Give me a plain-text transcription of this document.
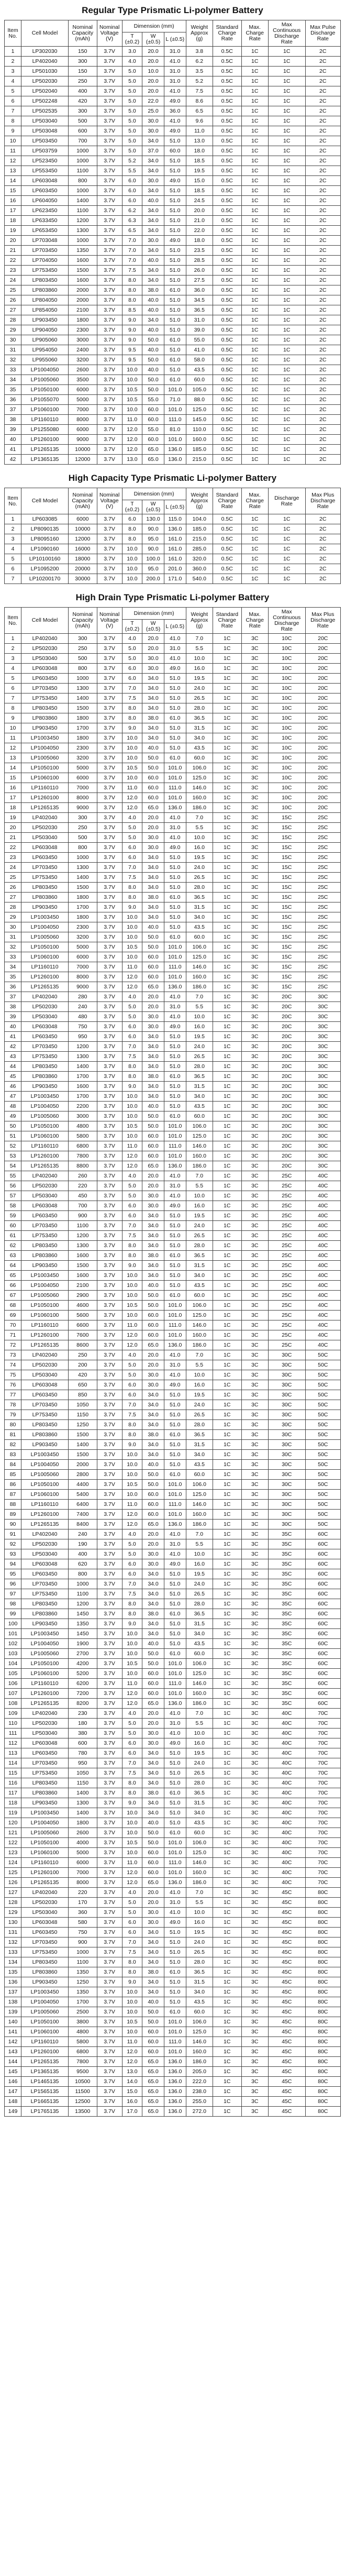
Regular Type Prismatic Li-polymer Battery
Item No.	Cell Model	Nominal Capacity (mAh)	Nominal Voltage (V)	Dimension (mm)			Weight Approx (g)	Standard Charge Rate	Max. Charge Rate	Max Continuous Discharge Rate	Max Pulse Discharge Rate
				T (±0.2)	W (±0.5)	L (±0.5)					
1	LP302030	150	3.7V	3.0	20.0	31.0	3.8	0.5C	1C	1C	2C
2	LP402040	300	3.7V	4.0	20.0	41.0	6.2	0.5C	1C	1C	2C
3	LP501030	150	3.7V	5.0	10.0	31.0	3.5	0.5C	1C	1C	2C
4	LP502030	250	3.7V	5.0	20.0	31.0	5.2	0.5C	1C	1C	2C
5	LP502040	400	3.7V	5.0	20.0	41.0	7.5	0.5C	1C	1C	2C
6	LP502248	420	3.7V	5.0	22.0	49.0	8.6	0.5C	1C	1C	2C
7	LP502535	300	3.7V	5.0	25.0	36.0	6.5	0.5C	1C	1C	2C
8	LP503040	500	3.7V	5.0	30.0	41.0	9.6	0.5C	1C	1C	2C
9	LP503048	600	3.7V	5.0	30.0	49.0	11.0	0.5C	1C	1C	2C
10	LP503450	700	3.7V	5.0	34.0	51.0	13.0	0.5C	1C	1C	2C
11	LP503759	1000	3.7V	5.0	37.0	60.0	18.0	0.5C	1C	1C	2C
12	LP523450	1000	3.7V	5.2	34.0	51.0	18.5	0.5C	1C	1C	2C
13	LP553450	1100	3.7V	5.5	34.0	51.0	19.5	0.5C	1C	1C	2C
14	LP603048	800	3.7V	6.0	30.0	49.0	15.0	0.5C	1C	1C	2C
15	LP603450	1000	3.7V	6.0	34.0	51.0	18.5	0.5C	1C	1C	2C
16	LP604050	1400	3.7V	6.0	40.0	51.0	24.5	0.5C	1C	1C	2C
17	LP623450	1100	3.7V	6.2	34.0	51.0	20.0	0.5C	1C	1C	2C
18	LP633450	1200	3.7V	6.3	34.0	51.0	21.0	0.5C	1C	1C	2C
19	LP653450	1300	3.7V	6.5	34.0	51.0	22.0	0.5C	1C	1C	2C
20	LP703048	1000	3.7V	7.0	30.0	49.0	18.0	0.5C	1C	1C	2C
21	LP703450	1350	3.7V	7.0	34.0	51.0	23.5	0.5C	1C	1C	2C
22	LP704050	1600	3.7V	7.0	40.0	51.0	28.5	0.5C	1C	1C	2C
23	LP753450	1500	3.7V	7.5	34.0	51.0	26.0	0.5C	1C	1C	2C
24	LP803450	1600	3.7V	8.0	34.0	51.0	27.5	0.5C	1C	1C	2C
25	LP803860	2000	3.7V	8.0	38.0	61.0	36.0	0.5C	1C	1C	2C
26	LP804050	2000	3.7V	8.0	40.0	51.0	34.5	0.5C	1C	1C	2C
27	LP854050	2100	3.7V	8.5	40.0	51.0	36.5	0.5C	1C	1C	2C
28	LP903450	1800	3.7V	9.0	34.0	51.0	31.0	0.5C	1C	1C	2C
29	LP904050	2300	3.7V	9.0	40.0	51.0	39.0	0.5C	1C	1C	2C
30	LP905060	3000	3.7V	9.0	50.0	61.0	55.0	0.5C	1C	1C	2C
31	LP954050	2400	3.7V	9.5	40.0	51.0	41.0	0.5C	1C	1C	2C
32	LP955060	3200	3.7V	9.5	50.0	61.0	58.0	0.5C	1C	1C	2C
33	LP1004050	2600	3.7V	10.0	40.0	51.0	43.5	0.5C	1C	1C	2C
34	LP1005060	3500	3.7V	10.0	50.0	61.0	60.0	0.5C	1C	1C	2C
35	LP1050100	6000	3.7V	10.5	50.0	101.0	105.0	0.5C	1C	1C	2C
36	LP1055070	5000	3.7V	10.5	55.0	71.0	88.0	0.5C	1C	1C	2C
37	LP1060100	7000	3.7V	10.0	60.0	101.0	125.0	0.5C	1C	1C	2C
38	LP1160110	8000	3.7V	11.0	60.0	111.0	145.0	0.5C	1C	1C	2C
39	LP1255080	6000	3.7V	12.0	55.0	81.0	110.0	0.5C	1C	1C	2C
40	LP1260100	9000	3.7V	12.0	60.0	101.0	160.0	0.5C	1C	1C	2C
41	LP1265135	10000	3.7V	12.0	65.0	136.0	185.0	0.5C	1C	1C	2C
42	LP1365135	12000	3.7V	13.0	65.0	136.0	215.0	0.5C	1C	1C	2C
High Capacity Type Prismatic Li-polymer Battery
Item No.	Cell Model	Nominal Capacity (mAh)	Nominal Voltage (V)	Dimension (mm)			Weight Approx (g)	Standard Charge Rate	Max. Charge Rate	Discharge Rate	Max Plus Discharge Rate
				T (±0.2)	W (±0.5)	L (±0.5)					
1	LP603085	6000	3.7V	6.0	130.0	115.0	104.0	0.5C	1C	1C	2C
2	LP8090135	10000	3.7V	8.0	90.0	136.0	185.0	0.5C	1C	1C	2C
3	LP8095160	12000	3.7V	8.0	95.0	161.0	215.0	0.5C	1C	1C	2C
4	LP1090160	16000	3.7V	10.0	90.0	161.0	285.0	0.5C	1C	1C	2C
5	LP10100160	18000	3.7V	10.0	100.0	161.0	320.0	0.5C	1C	1C	2C
6	LP1095200	20000	3.7V	10.0	95.0	201.0	360.0	0.5C	1C	1C	2C
7	LP10200170	30000	3.7V	10.0	200.0	171.0	540.0	0.5C	1C	1C	2C
High Drain Type Prismatic Li-polymer Battery
Item No.	Cell Model	Nominal Capacity (mAh)	Nominal Voltage (V)	Dimension (mm)			Weight Approx (g)	Standard Charge Rate	Max. Charge Rate	Max Continuous Discharge Rate	Max Plus Discharge Rate
				T (±0.2)	W (±0.5)	L (±0.5)					
1	LP402040	300	3.7V	4.0	20.0	41.0	7.0	1C	3C	10C	20C
2	LP502030	250	3.7V	5.0	20.0	31.0	5.5	1C	3C	10C	20C
3	LP503040	500	3.7V	5.0	30.0	41.0	10.0	1C	3C	10C	20C
4	LP603048	800	3.7V	6.0	30.0	49.0	16.0	1C	3C	10C	20C
5	LP603450	1000	3.7V	6.0	34.0	51.0	19.5	1C	3C	10C	20C
6	LP703450	1300	3.7V	7.0	34.0	51.0	24.0	1C	3C	10C	20C
7	LP753450	1400	3.7V	7.5	34.0	51.0	26.5	1C	3C	10C	20C
8	LP803450	1500	3.7V	8.0	34.0	51.0	28.0	1C	3C	10C	20C
9	LP803860	1800	3.7V	8.0	38.0	61.0	36.5	1C	3C	10C	20C
10	LP903450	1700	3.7V	9.0	34.0	51.0	31.5	1C	3C	10C	20C
11	LP1003450	1800	3.7V	10.0	34.0	51.0	34.0	1C	3C	10C	20C
12	LP1004050	2300	3.7V	10.0	40.0	51.0	43.5	1C	3C	10C	20C
13	LP1005060	3200	3.7V	10.0	50.0	61.0	60.0	1C	3C	10C	20C
14	LP1050100	5000	3.7V	10.5	50.0	101.0	106.0	1C	3C	10C	20C
15	LP1060100	6000	3.7V	10.0	60.0	101.0	125.0	1C	3C	10C	20C
16	LP1160110	7000	3.7V	11.0	60.0	111.0	146.0	1C	3C	10C	20C
17	LP1260100	8000	3.7V	12.0	60.0	101.0	160.0	1C	3C	10C	20C
18	LP1265135	9000	3.7V	12.0	65.0	136.0	186.0	1C	3C	10C	20C
19	LP402040	300	3.7V	4.0	20.0	41.0	7.0	1C	3C	15C	25C
20	LP502030	250	3.7V	5.0	20.0	31.0	5.5	1C	3C	15C	25C
21	LP503040	500	3.7V	5.0	30.0	41.0	10.0	1C	3C	15C	25C
22	LP603048	800	3.7V	6.0	30.0	49.0	16.0	1C	3C	15C	25C
23	LP603450	1000	3.7V	6.0	34.0	51.0	19.5	1C	3C	15C	25C
24	LP703450	1300	3.7V	7.0	34.0	51.0	24.0	1C	3C	15C	25C
25	LP753450	1400	3.7V	7.5	34.0	51.0	26.5	1C	3C	15C	25C
26	LP803450	1500	3.7V	8.0	34.0	51.0	28.0	1C	3C	15C	25C
27	LP803860	1800	3.7V	8.0	38.0	61.0	36.5	1C	3C	15C	25C
28	LP903450	1700	3.7V	9.0	34.0	51.0	31.5	1C	3C	15C	25C
29	LP1003450	1800	3.7V	10.0	34.0	51.0	34.0	1C	3C	15C	25C
30	LP1004050	2300	3.7V	10.0	40.0	51.0	43.5	1C	3C	15C	25C
31	LP1005060	3200	3.7V	10.0	50.0	61.0	60.0	1C	3C	15C	25C
32	LP1050100	5000	3.7V	10.5	50.0	101.0	106.0	1C	3C	15C	25C
33	LP1060100	6000	3.7V	10.0	60.0	101.0	125.0	1C	3C	15C	25C
34	LP1160110	7000	3.7V	11.0	60.0	111.0	146.0	1C	3C	15C	25C
35	LP1260100	8000	3.7V	12.0	60.0	101.0	160.0	1C	3C	15C	25C
36	LP1265135	9000	3.7V	12.0	65.0	136.0	186.0	1C	3C	15C	25C
37	LP402040	280	3.7V	4.0	20.0	41.0	7.0	1C	3C	20C	30C
38	LP502030	240	3.7V	5.0	20.0	31.0	5.5	1C	3C	20C	30C
39	LP503040	480	3.7V	5.0	30.0	41.0	10.0	1C	3C	20C	30C
40	LP603048	750	3.7V	6.0	30.0	49.0	16.0	1C	3C	20C	30C
41	LP603450	950	3.7V	6.0	34.0	51.0	19.5	1C	3C	20C	30C
42	LP703450	1200	3.7V	7.0	34.0	51.0	24.0	1C	3C	20C	30C
43	LP753450	1300	3.7V	7.5	34.0	51.0	26.5	1C	3C	20C	30C
44	LP803450	1400	3.7V	8.0	34.0	51.0	28.0	1C	3C	20C	30C
45	LP803860	1700	3.7V	8.0	38.0	61.0	36.5	1C	3C	20C	30C
46	LP903450	1600	3.7V	9.0	34.0	51.0	31.5	1C	3C	20C	30C
47	LP1003450	1700	3.7V	10.0	34.0	51.0	34.0	1C	3C	20C	30C
48	LP1004050	2200	3.7V	10.0	40.0	51.0	43.5	1C	3C	20C	30C
49	LP1005060	3000	3.7V	10.0	50.0	61.0	60.0	1C	3C	20C	30C
50	LP1050100	4800	3.7V	10.5	50.0	101.0	106.0	1C	3C	20C	30C
51	LP1060100	5800	3.7V	10.0	60.0	101.0	125.0	1C	3C	20C	30C
52	LP1160110	6800	3.7V	11.0	60.0	111.0	146.0	1C	3C	20C	30C
53	LP1260100	7800	3.7V	12.0	60.0	101.0	160.0	1C	3C	20C	30C
54	LP1265135	8800	3.7V	12.0	65.0	136.0	186.0	1C	3C	20C	30C
55	LP402040	260	3.7V	4.0	20.0	41.0	7.0	1C	3C	25C	40C
56	LP502030	220	3.7V	5.0	20.0	31.0	5.5	1C	3C	25C	40C
57	LP503040	450	3.7V	5.0	30.0	41.0	10.0	1C	3C	25C	40C
58	LP603048	700	3.7V	6.0	30.0	49.0	16.0	1C	3C	25C	40C
59	LP603450	900	3.7V	6.0	34.0	51.0	19.5	1C	3C	25C	40C
60	LP703450	1100	3.7V	7.0	34.0	51.0	24.0	1C	3C	25C	40C
61	LP753450	1200	3.7V	7.5	34.0	51.0	26.5	1C	3C	25C	40C
62	LP803450	1300	3.7V	8.0	34.0	51.0	28.0	1C	3C	25C	40C
63	LP803860	1600	3.7V	8.0	38.0	61.0	36.5	1C	3C	25C	40C
64	LP903450	1500	3.7V	9.0	34.0	51.0	31.5	1C	3C	25C	40C
65	LP1003450	1600	3.7V	10.0	34.0	51.0	34.0	1C	3C	25C	40C
66	LP1004050	2100	3.7V	10.0	40.0	51.0	43.5	1C	3C	25C	40C
67	LP1005060	2900	3.7V	10.0	50.0	61.0	60.0	1C	3C	25C	40C
68	LP1050100	4600	3.7V	10.5	50.0	101.0	106.0	1C	3C	25C	40C
69	LP1060100	5600	3.7V	10.0	60.0	101.0	125.0	1C	3C	25C	40C
70	LP1160110	6600	3.7V	11.0	60.0	111.0	146.0	1C	3C	25C	40C
71	LP1260100	7600	3.7V	12.0	60.0	101.0	160.0	1C	3C	25C	40C
72	LP1265135	8600	3.7V	12.0	65.0	136.0	186.0	1C	3C	25C	40C
73	LP402040	250	3.7V	4.0	20.0	41.0	7.0	1C	3C	30C	50C
74	LP502030	200	3.7V	5.0	20.0	31.0	5.5	1C	3C	30C	50C
75	LP503040	420	3.7V	5.0	30.0	41.0	10.0	1C	3C	30C	50C
76	LP603048	650	3.7V	6.0	30.0	49.0	16.0	1C	3C	30C	50C
77	LP603450	850	3.7V	6.0	34.0	51.0	19.5	1C	3C	30C	50C
78	LP703450	1050	3.7V	7.0	34.0	51.0	24.0	1C	3C	30C	50C
79	LP753450	1150	3.7V	7.5	34.0	51.0	26.5	1C	3C	30C	50C
80	LP803450	1250	3.7V	8.0	34.0	51.0	28.0	1C	3C	30C	50C
81	LP803860	1500	3.7V	8.0	38.0	61.0	36.5	1C	3C	30C	50C
82	LP903450	1400	3.7V	9.0	34.0	51.0	31.5	1C	3C	30C	50C
83	LP1003450	1500	3.7V	10.0	34.0	51.0	34.0	1C	3C	30C	50C
84	LP1004050	2000	3.7V	10.0	40.0	51.0	43.5	1C	3C	30C	50C
85	LP1005060	2800	3.7V	10.0	50.0	61.0	60.0	1C	3C	30C	50C
86	LP1050100	4400	3.7V	10.5	50.0	101.0	106.0	1C	3C	30C	50C
87	LP1060100	5400	3.7V	10.0	60.0	101.0	125.0	1C	3C	30C	50C
88	LP1160110	6400	3.7V	11.0	60.0	111.0	146.0	1C	3C	30C	50C
89	LP1260100	7400	3.7V	12.0	60.0	101.0	160.0	1C	3C	30C	50C
90	LP1265135	8400	3.7V	12.0	65.0	136.0	186.0	1C	3C	30C	50C
91	LP402040	240	3.7V	4.0	20.0	41.0	7.0	1C	3C	35C	60C
92	LP502030	190	3.7V	5.0	20.0	31.0	5.5	1C	3C	35C	60C
93	LP503040	400	3.7V	5.0	30.0	41.0	10.0	1C	3C	35C	60C
94	LP603048	620	3.7V	6.0	30.0	49.0	16.0	1C	3C	35C	60C
95	LP603450	800	3.7V	6.0	34.0	51.0	19.5	1C	3C	35C	60C
96	LP703450	1000	3.7V	7.0	34.0	51.0	24.0	1C	3C	35C	60C
97	LP753450	1100	3.7V	7.5	34.0	51.0	26.5	1C	3C	35C	60C
98	LP803450	1200	3.7V	8.0	34.0	51.0	28.0	1C	3C	35C	60C
99	LP803860	1450	3.7V	8.0	38.0	61.0	36.5	1C	3C	35C	60C
100	LP903450	1350	3.7V	9.0	34.0	51.0	31.5	1C	3C	35C	60C
101	LP1003450	1450	3.7V	10.0	34.0	51.0	34.0	1C	3C	35C	60C
102	LP1004050	1900	3.7V	10.0	40.0	51.0	43.5	1C	3C	35C	60C
103	LP1005060	2700	3.7V	10.0	50.0	61.0	60.0	1C	3C	35C	60C
104	LP1050100	4200	3.7V	10.5	50.0	101.0	106.0	1C	3C	35C	60C
105	LP1060100	5200	3.7V	10.0	60.0	101.0	125.0	1C	3C	35C	60C
106	LP1160110	6200	3.7V	11.0	60.0	111.0	146.0	1C	3C	35C	60C
107	LP1260100	7200	3.7V	12.0	60.0	101.0	160.0	1C	3C	35C	60C
108	LP1265135	8200	3.7V	12.0	65.0	136.0	186.0	1C	3C	35C	60C
109	LP402040	230	3.7V	4.0	20.0	41.0	7.0	1C	3C	40C	70C
110	LP502030	180	3.7V	5.0	20.0	31.0	5.5	1C	3C	40C	70C
111	LP503040	380	3.7V	5.0	30.0	41.0	10.0	1C	3C	40C	70C
112	LP603048	600	3.7V	6.0	30.0	49.0	16.0	1C	3C	40C	70C
113	LP603450	780	3.7V	6.0	34.0	51.0	19.5	1C	3C	40C	70C
114	LP703450	950	3.7V	7.0	34.0	51.0	24.0	1C	3C	40C	70C
115	LP753450	1050	3.7V	7.5	34.0	51.0	26.5	1C	3C	40C	70C
116	LP803450	1150	3.7V	8.0	34.0	51.0	28.0	1C	3C	40C	70C
117	LP803860	1400	3.7V	8.0	38.0	61.0	36.5	1C	3C	40C	70C
118	LP903450	1300	3.7V	9.0	34.0	51.0	31.5	1C	3C	40C	70C
119	LP1003450	1400	3.7V	10.0	34.0	51.0	34.0	1C	3C	40C	70C
120	LP1004050	1800	3.7V	10.0	40.0	51.0	43.5	1C	3C	40C	70C
121	LP1005060	2600	3.7V	10.0	50.0	61.0	60.0	1C	3C	40C	70C
122	LP1050100	4000	3.7V	10.5	50.0	101.0	106.0	1C	3C	40C	70C
123	LP1060100	5000	3.7V	10.0	60.0	101.0	125.0	1C	3C	40C	70C
124	LP1160110	6000	3.7V	11.0	60.0	111.0	146.0	1C	3C	40C	70C
125	LP1260100	7000	3.7V	12.0	60.0	101.0	160.0	1C	3C	40C	70C
126	LP1265135	8000	3.7V	12.0	65.0	136.0	186.0	1C	3C	40C	70C
127	LP402040	220	3.7V	4.0	20.0	41.0	7.0	1C	3C	45C	80C
128	LP502030	170	3.7V	5.0	20.0	31.0	5.5	1C	3C	45C	80C
129	LP503040	360	3.7V	5.0	30.0	41.0	10.0	1C	3C	45C	80C
130	LP603048	580	3.7V	6.0	30.0	49.0	16.0	1C	3C	45C	80C
131	LP603450	750	3.7V	6.0	34.0	51.0	19.5	1C	3C	45C	80C
132	LP703450	900	3.7V	7.0	34.0	51.0	24.0	1C	3C	45C	80C
133	LP753450	1000	3.7V	7.5	34.0	51.0	26.5	1C	3C	45C	80C
134	LP803450	1100	3.7V	8.0	34.0	51.0	28.0	1C	3C	45C	80C
135	LP803860	1350	3.7V	8.0	38.0	61.0	36.5	1C	3C	45C	80C
136	LP903450	1250	3.7V	9.0	34.0	51.0	31.5	1C	3C	45C	80C
137	LP1003450	1350	3.7V	10.0	34.0	51.0	34.0	1C	3C	45C	80C
138	LP1004050	1700	3.7V	10.0	40.0	51.0	43.5	1C	3C	45C	80C
139	LP1005060	2500	3.7V	10.0	50.0	61.0	60.0	1C	3C	45C	80C
140	LP1050100	3800	3.7V	10.5	50.0	101.0	106.0	1C	3C	45C	80C
141	LP1060100	4800	3.7V	10.0	60.0	101.0	125.0	1C	3C	45C	80C
142	LP1160110	5800	3.7V	11.0	60.0	111.0	146.0	1C	3C	45C	80C
143	LP1260100	6800	3.7V	12.0	60.0	101.0	160.0	1C	3C	45C	80C
144	LP1265135	7800	3.7V	12.0	65.0	136.0	186.0	1C	3C	45C	80C
145	LP1365135	9500	3.7V	13.0	65.0	136.0	205.0	1C	3C	45C	80C
146	LP1465135	10500	3.7V	14.0	65.0	136.0	222.0	1C	3C	45C	80C
147	LP1565135	11500	3.7V	15.0	65.0	136.0	238.0	1C	3C	45C	80C
148	LP1665135	12500	3.7V	16.0	65.0	136.0	255.0	1C	3C	45C	80C
149	LP1765135	13500	3.7V	17.0	65.0	136.0	272.0	1C	3C	45C	80C
